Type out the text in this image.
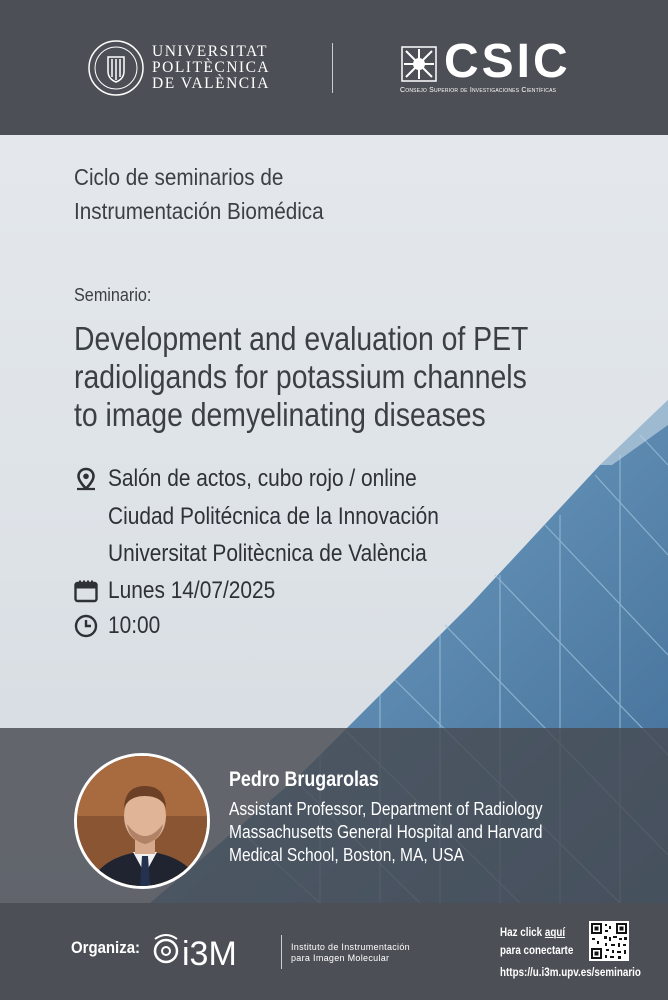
UNIVERSITAT
POLITÈCNICA
DE VALÈNCIA	CSIC
Consejo Superior de Investigaciones Científicas
Ciclo de seminarios de
Instrumentación Biomédica
Seminario:
Development and evaluation of PET
radioligands for potassium channels
to image demyelinating diseases
Salón de actos, cubo rojo / online
Ciudad Politécnica de la Innovación
Universitat Politècnica de València
Lunes 14/07/2025
10:00
Pedro Brugarolas
Assistant Professor, Department of Radiology
Massachusetts General Hospital and Harvard
Medical School, Boston, MA, USA
Organiza: i3M	Instituto de Instrumentación
para Imagen Molecular
Haz click aquí
para conectarte
https://u.i3m.upv.es/seminario
